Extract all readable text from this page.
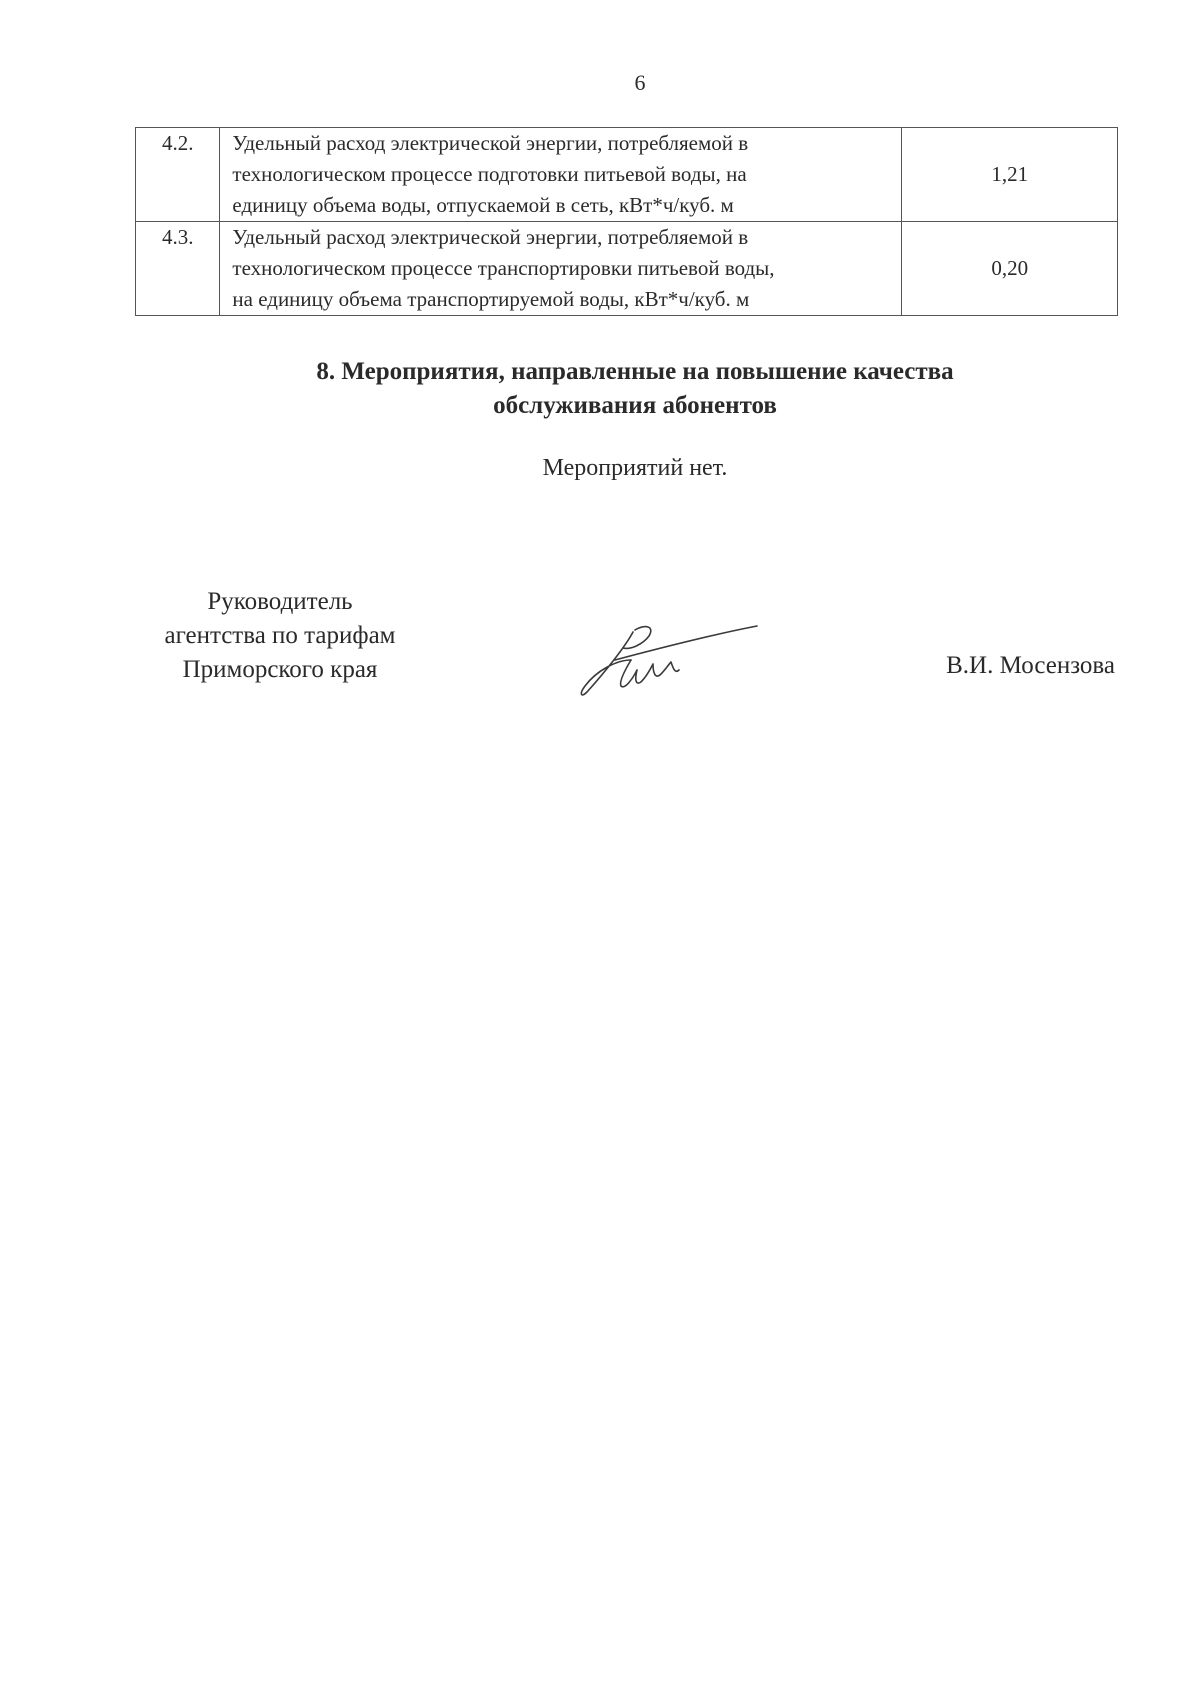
6
4.2.	Удельный расход электрической энергии, потребляемой в
технологическом процессе подготовки питьевой воды, на
единицу объема воды, отпускаемой в сеть, кВт*ч/куб. м	1,21
4.3.	Удельный расход электрической энергии, потребляемой в
технологическом процессе транспортировки питьевой воды,
на единицу объема транспортируемой воды, кВт*ч/куб. м	0,20
8. Мероприятия, направленные на повышение качества
обслуживания абонентов
Мероприятий нет.
Руководитель
агентства по тарифам
Приморского края	В.И. Мосензова
